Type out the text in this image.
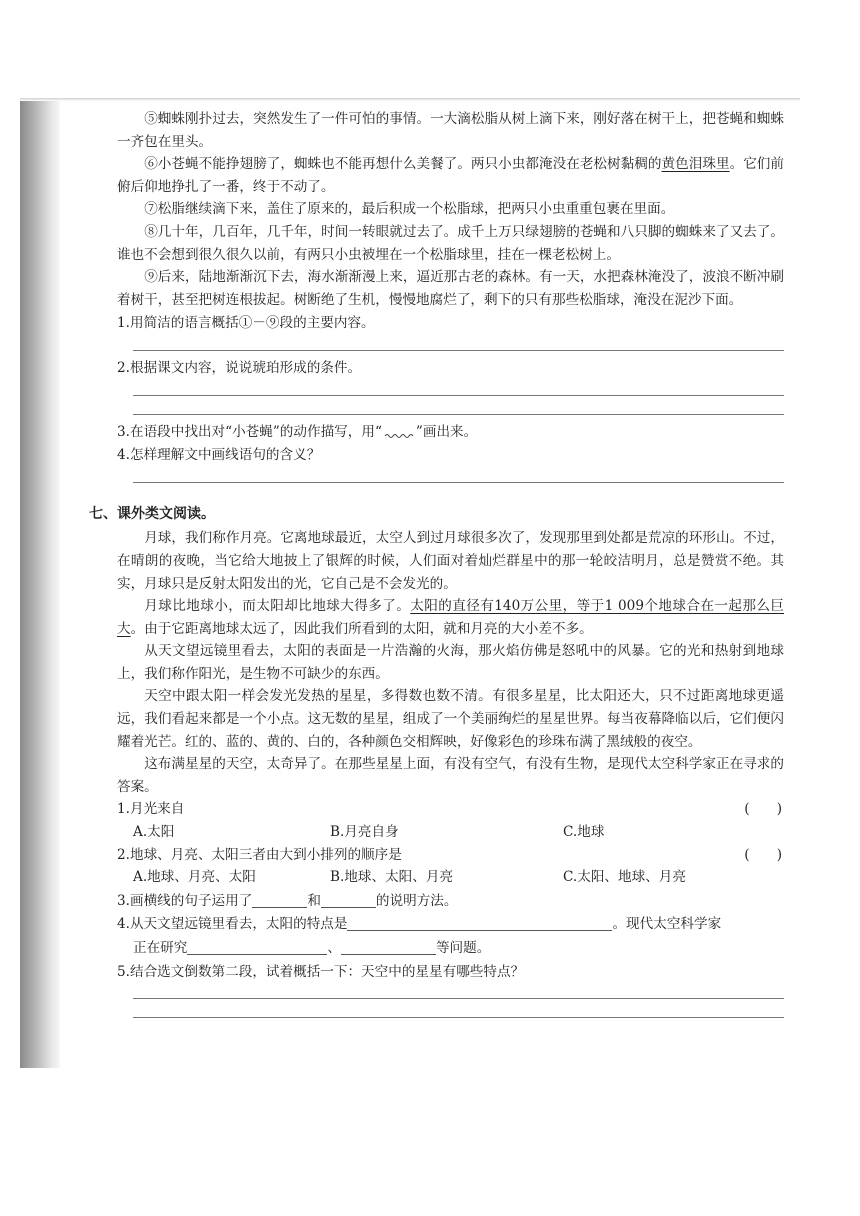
⑤蜘蛛刚扑过去，突然发生了一件可怕的事情。一大滴松脂从树上滴下来，刚好落在树干上，把苍蝇和蜘蛛一齐包在里头。

⑥小苍蝇不能挣翅膀了，蜘蛛也不能再想什么美餐了。两只小虫都淹没在老松树黏稠的黄色泪珠里。它们前俯后仰地挣扎了一番，终于不动了。

⑦松脂继续滴下来，盖住了原来的，最后积成一个松脂球，把两只小虫重重包裹在里面。

⑧几十年，几百年，几千年，时间一转眼就过去了。成千上万只绿翅膀的苍蝇和八只脚的蜘蛛来了又去了。谁也不会想到很久很久以前，有两只小虫被埋在一个松脂球里，挂在一棵老松树上。

⑨后来，陆地渐渐沉下去，海水渐渐漫上来，逼近那古老的森林。有一天，水把森林淹没了，波浪不断冲刷着树干，甚至把树连根拔起。树断绝了生机，慢慢地腐烂了，剩下的只有那些松脂球，淹没在泥沙下面。

1.用简洁的语言概括①－⑨段的主要内容。

2.根据课文内容，说说琥珀形成的条件。

3.在语段中找出对“小苍蝇”的动作描写，用“	”画出来。

4.怎样理解文中画线语句的含义？

七、课外类文阅读。

月球，我们称作月亮。它离地球最近，太空人到过月球很多次了，发现那里到处都是荒凉的环形山。不过，在晴朗的夜晚，当它给大地披上了银辉的时候，人们面对着灿烂群星中的那一轮皎洁明月，总是赞赏不绝。其实，月球只是反射太阳发出的光，它自己是不会发光的。

月球比地球小，而太阳却比地球大得多了。太阳的直径有140万公里，等于1 009个地球合在一起那么巨大。由于它距离地球太远了，因此我们所看到的太阳，就和月亮的大小差不多。

从天文望远镜里看去，太阳的表面是一片浩瀚的火海，那火焰仿佛是怒吼中的风暴。它的光和热射到地球上，我们称作阳光，是生物不可缺少的东西。

天空中跟太阳一样会发光发热的星星，多得数也数不清。有很多星星，比太阳还大，只不过距离地球更遥远，我们看起来都是一个小点。这无数的星星，组成了一个美丽绚烂的星星世界。每当夜幕降临以后，它们便闪耀着光芒。红的、蓝的、黄的、白的，各种颜色交相辉映，好像彩色的珍珠布满了黑绒般的夜空。

这布满星星的天空，太奇异了。在那些星星上面，有没有空气，有没有生物，是现代太空科学家正在寻求的答案。

1.月光来自	(　　)
A.太阳	B.月亮自身	C.地球
2.地球、月亮、太阳三者由大到小排列的顺序是	(　　)
A.地球、月亮、太阳	B.地球、太阳、月亮	C.太阳、地球、月亮

3.画横线的句子运用了	和	的说明方法。

4.从天文望远镜里看去，太阳的特点是	。现代太空科学家

正在研究	、	等问题。

5.结合选文倒数第二段，试着概括一下：天空中的星星有哪些特点？
